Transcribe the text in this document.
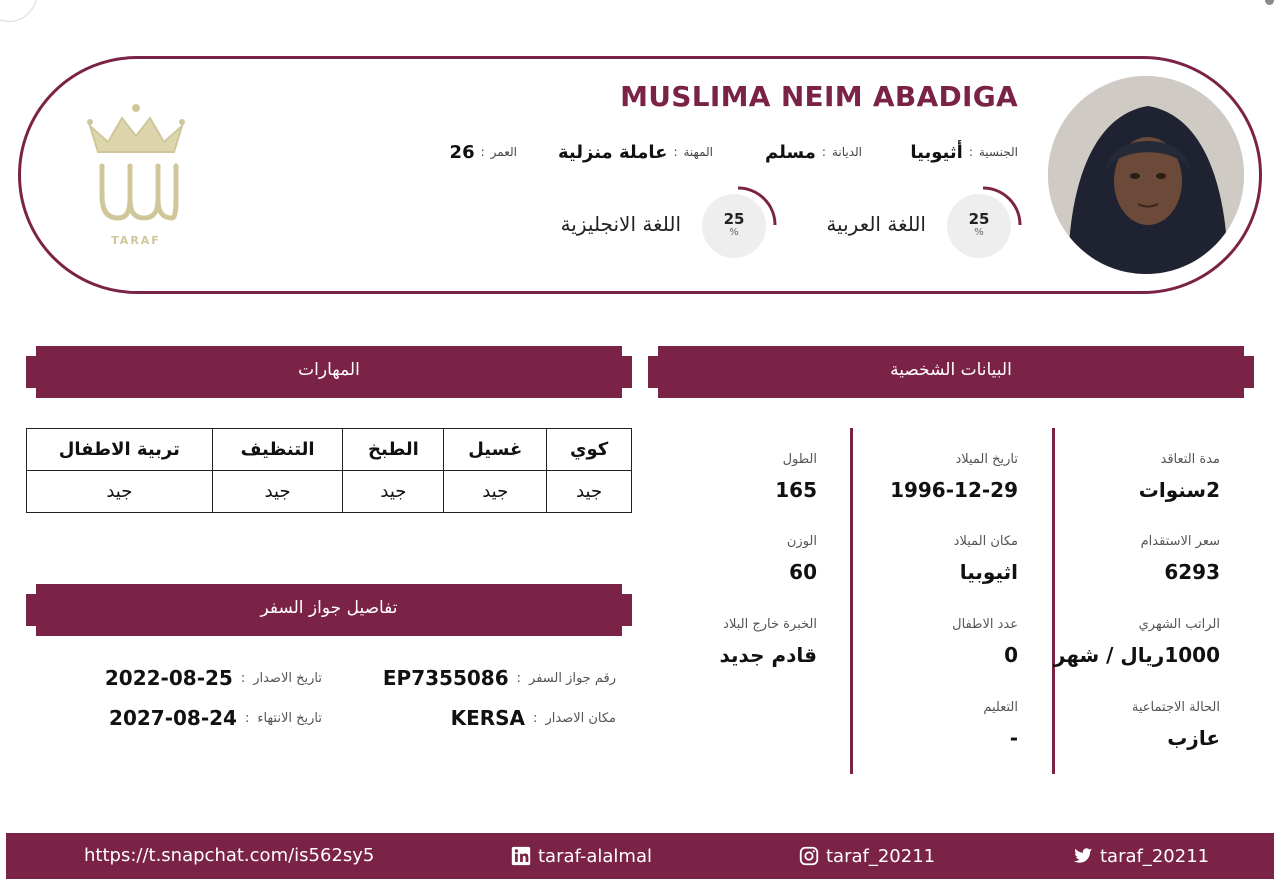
TARAF
MUSLIMA NEIM ABADIGA
الجنسية
:
أثيوبيا
الديانة
:
مسلم
المهنة
:
عاملة منزلية
العمر
:
26
25
%
اللغة العربية
25
%
اللغة الانجليزية
البيانات الشخصية
المهارات
تفاصيل جواز السفر
مدة التعاقد
2سنوات
سعر الاستقدام
6293
الراتب الشهري
1000ريال / شهر
الحالة الاجتماعية
عازب
تاريخ الميلاد
1996-12-29
مكان الميلاد
اثيوبيا
عدد الاطفال
0
التعليم
-
الطول
165
الوزن
60
الخبرة خارج البلاد
قادم جديد
كوي	غسيل	الطبخ	التنظيف	تربية الاطفال
جيد	جيد	جيد	جيد	جيد
رقم جواز السفر
:
EP7355086
تاريخ الاصدار
:
2022-08-25
مكان الاصدار
:
KERSA
تاريخ الانتهاء
:
2027-08-24
taraf_20211
taraf_20211
taraf-alalmal
https://t.snapchat.com/is562sy5
